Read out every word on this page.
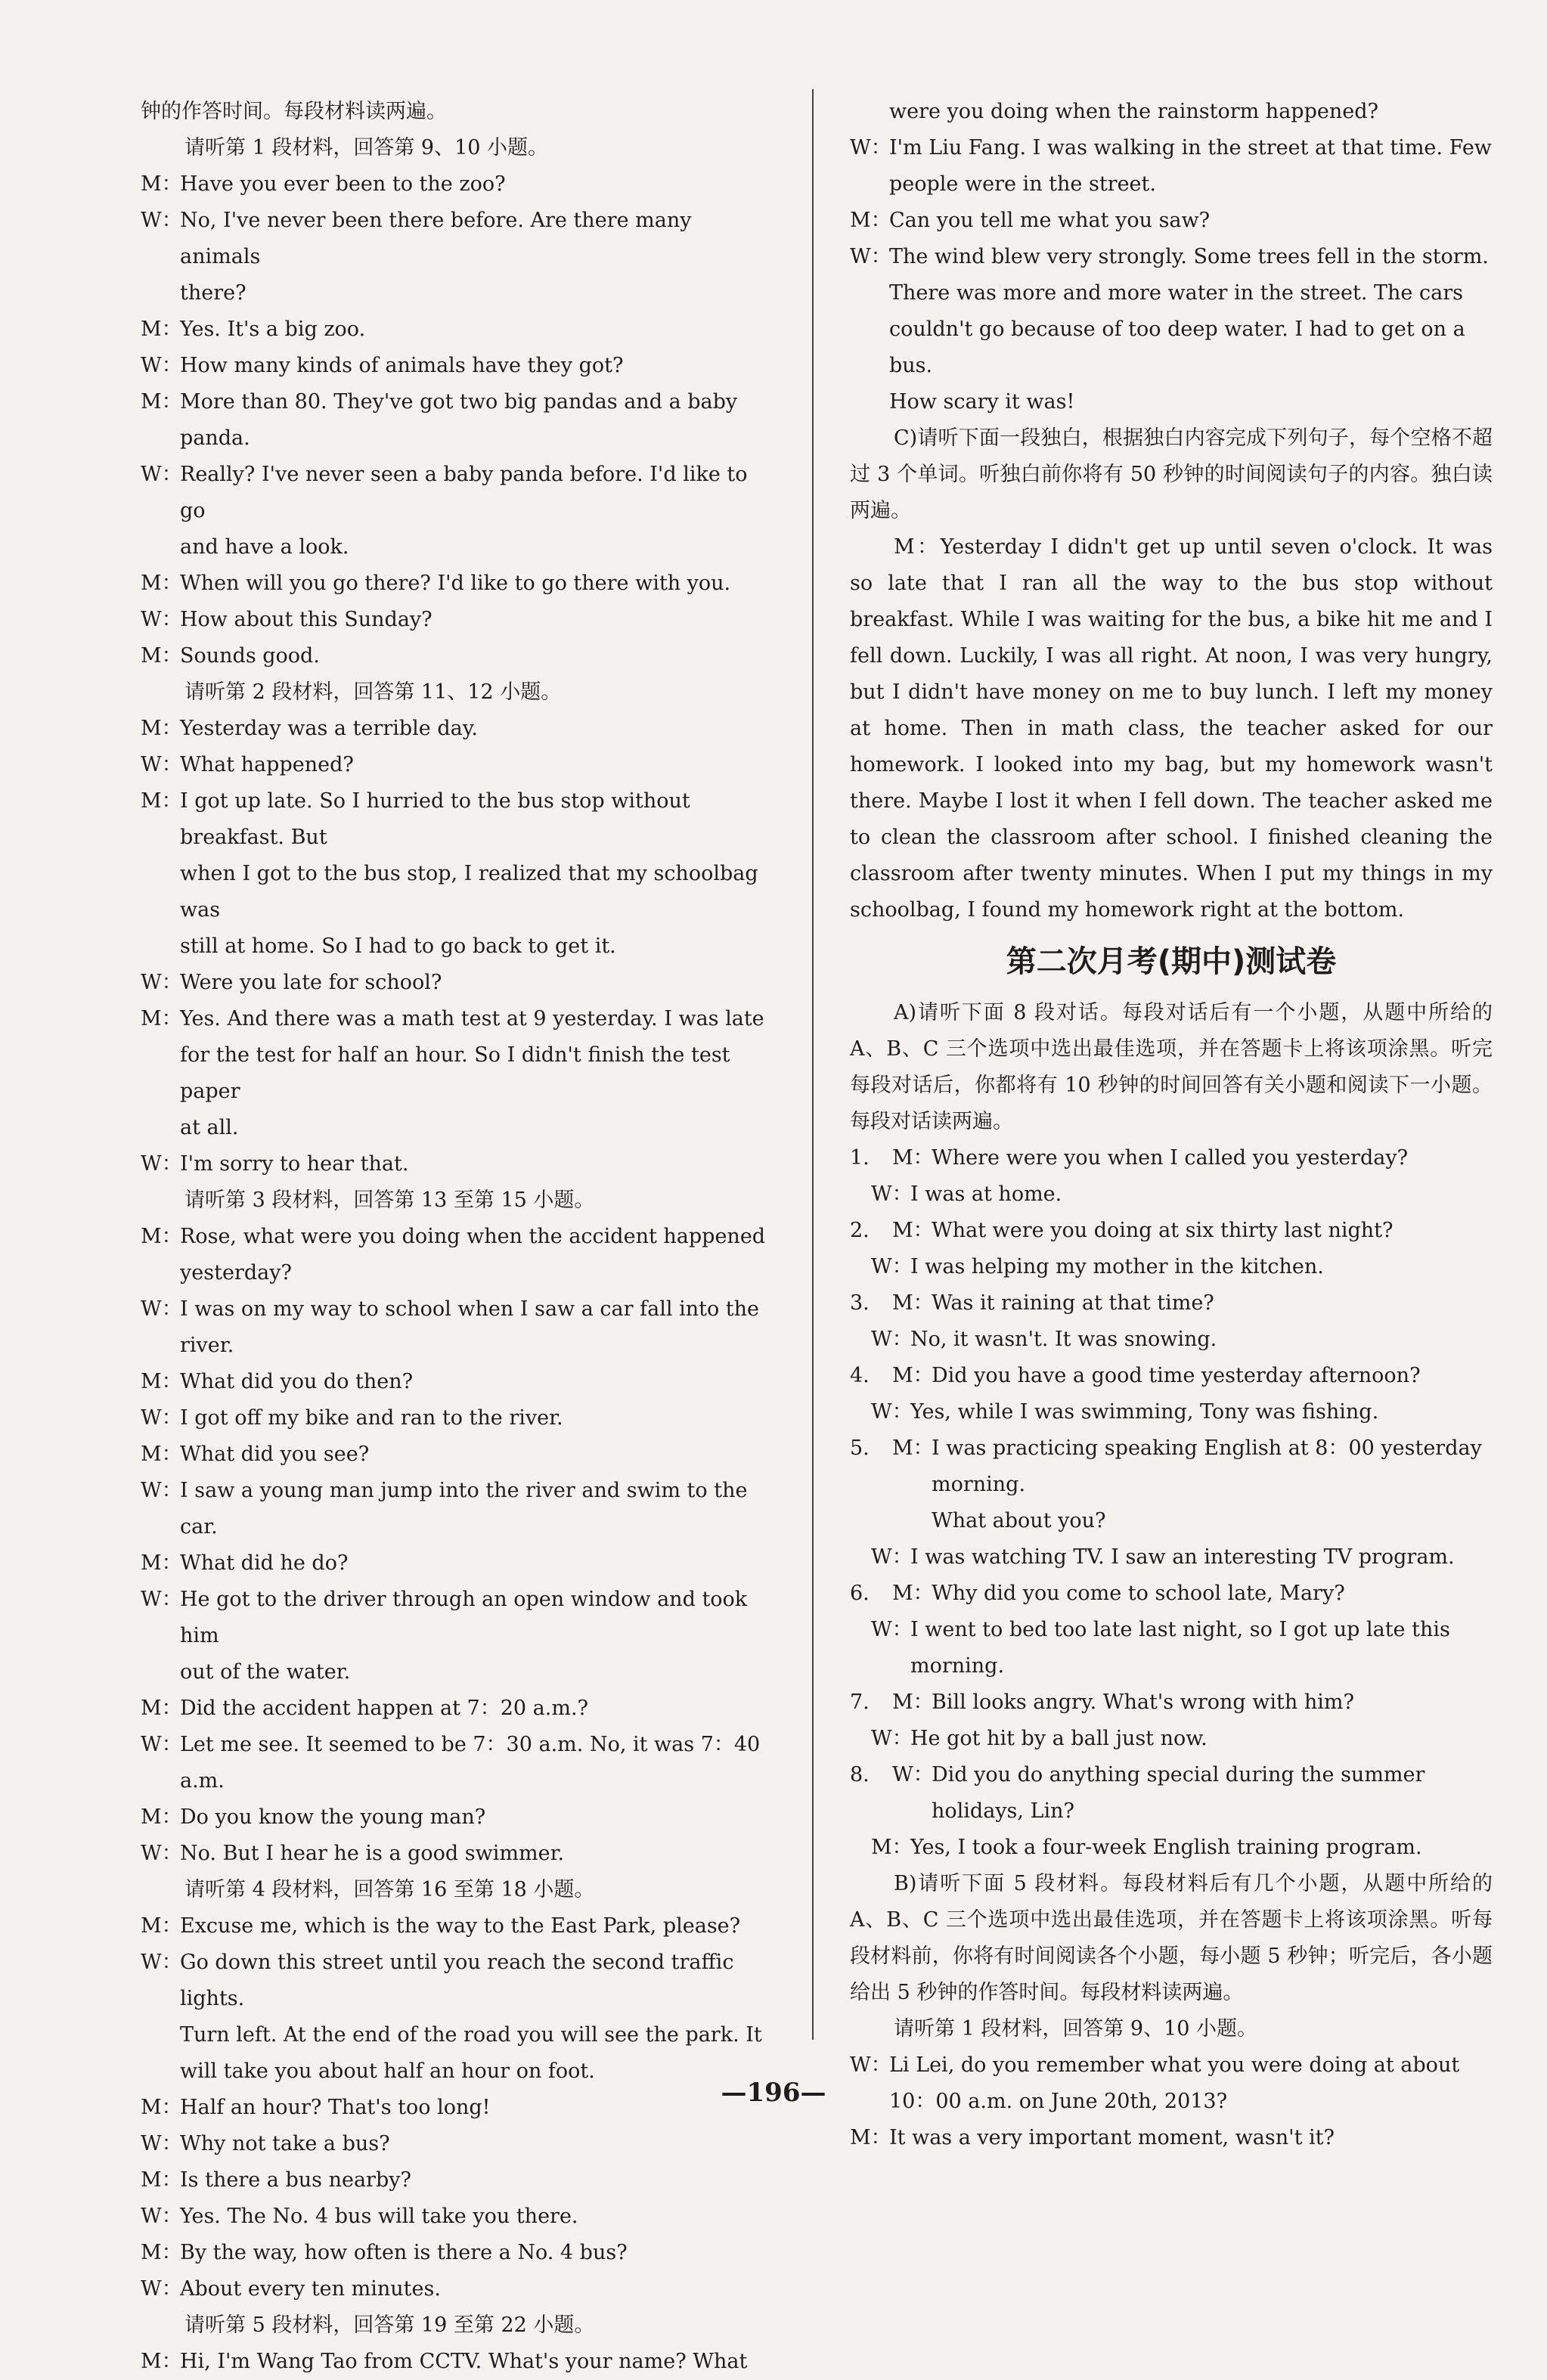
钟的作答时间。每段材料读两遍。
请听第 1 段材料，回答第 9、10 小题。
M：
Have you ever been to the zoo?
W：
No, I've never been there before. Are there many animals
there?
M：
Yes. It's a big zoo.
W：
How many kinds of animals have they got?
M：
More than 80. They've got two big pandas and a baby
panda.
W：
Really? I've never seen a baby panda before. I'd like to go
and have a look.
M：
When will you go there? I'd like to go there with you.
W：
How about this Sunday?
M：
Sounds good.
请听第 2 段材料，回答第 11、12 小题。
M：
Yesterday was a terrible day.
W：
What happened?
M：
I got up late. So I hurried to the bus stop without breakfast. But
when I got to the bus stop, I realized that my schoolbag was
still at home. So I had to go back to get it.
W：
Were you late for school?
M：
Yes. And there was a math test at 9 yesterday. I was late
for the test for half an hour. So I didn't finish the test paper
at all.
W：
I'm sorry to hear that.
请听第 3 段材料，回答第 13 至第 15 小题。
M：
Rose, what were you doing when the accident happened
yesterday?
W：
I was on my way to school when I saw a car fall into the
river.
M：
What did you do then?
W：
I got off my bike and ran to the river.
M：
What did you see?
W：
I saw a young man jump into the river and swim to the car.
M：
What did he do?
W：
He got to the driver through an open window and took him
out of the water.
M：
Did the accident happen at 7：20 a.m.?
W：
Let me see. It seemed to be 7：30 a.m. No, it was 7：40 a.m.
M：
Do you know the young man?
W：
No. But I hear he is a good swimmer.
请听第 4 段材料，回答第 16 至第 18 小题。
M：
Excuse me, which is the way to the East Park, please?
W：
Go down this street until you reach the second traffic lights.
Turn left. At the end of the road you will see the park. It
will take you about half an hour on foot.
M：
Half an hour? That's too long!
W：
Why not take a bus?
M：
Is there a bus nearby?
W：
Yes. The No. 4 bus will take you there.
M：
By the way, how often is there a No. 4 bus?
W：
About every ten minutes.
请听第 5 段材料，回答第 19 至第 22 小题。
M：
Hi, I'm Wang Tao from CCTV. What's your name? What
were you doing when the rainstorm happened?
W：
I'm Liu Fang. I was walking in the street at that time. Few
people were in the street.
M：
Can you tell me what you saw?
W：
The wind blew very strongly. Some trees fell in the storm.
There was more and more water in the street. The cars
couldn't go because of too deep water. I had to get on a bus.
How scary it was!
C)请听下面一段独白，根据独白内容完成下列句子，每个空格不超过 3 个单词。听独白前你将有 50 秒钟的时间阅读句子的内容。独白读两遍。
M：Yesterday I didn't get up until seven o'clock. It was so late that I ran all the way to the bus stop without breakfast. While I was waiting for the bus, a bike hit me and I fell down. Luckily, I was all right. At noon, I was very hungry, but I didn't have money on me to buy lunch. I left my money at home. Then in math class, the teacher asked for our homework. I looked into my bag, but my homework wasn't there. Maybe I lost it when I fell down. The teacher asked me to clean the classroom after school. I finished cleaning the classroom after twenty minutes. When I put my things in my schoolbag, I found my homework right at the bottom.
第二次月考(期中)测试卷
A)请听下面 8 段对话。每段对话后有一个小题，从题中所给的 A、B、C 三个选项中选出最佳选项，并在答题卡上将该项涂黑。听完每段对话后，你都将有 10 秒钟的时间回答有关小题和阅读下一小题。每段对话读两遍。
1.	M：
Where were you when I called you yesterday?
W：
I was at home.
2.	M：
What were you doing at six thirty last night?
W：
I was helping my mother in the kitchen.
3.	M：
Was it raining at that time?
W：
No, it wasn't. It was snowing.
4.	M：
Did you have a good time yesterday afternoon?
W：
Yes, while I was swimming, Tony was fishing.
5.	M：
I was practicing speaking English at 8：00 yesterday morning.
What about you?
W：
I was watching TV. I saw an interesting TV program.
6.	M：
Why did you come to school late, Mary?
W：
I went to bed too late last night, so I got up late this
morning.
7.	M：
Bill looks angry. What's wrong with him?
W：
He got hit by a ball just now.
8.	W：
Did you do anything special during the summer holidays, Lin?
M：
Yes, I took a four-week English training program.
B)请听下面 5 段材料。每段材料后有几个小题，从题中所给的 A、B、C 三个选项中选出最佳选项，并在答题卡上将该项涂黑。听每段材料前，你将有时间阅读各个小题，每小题 5 秒钟；听完后，各小题给出 5 秒钟的作答时间。每段材料读两遍。
请听第 1 段材料，回答第 9、10 小题。
W：
Li Lei, do you remember what you were doing at about
10：00 a.m. on June 20th, 2013?
M：
It was a very important moment, wasn't it?
—196—
